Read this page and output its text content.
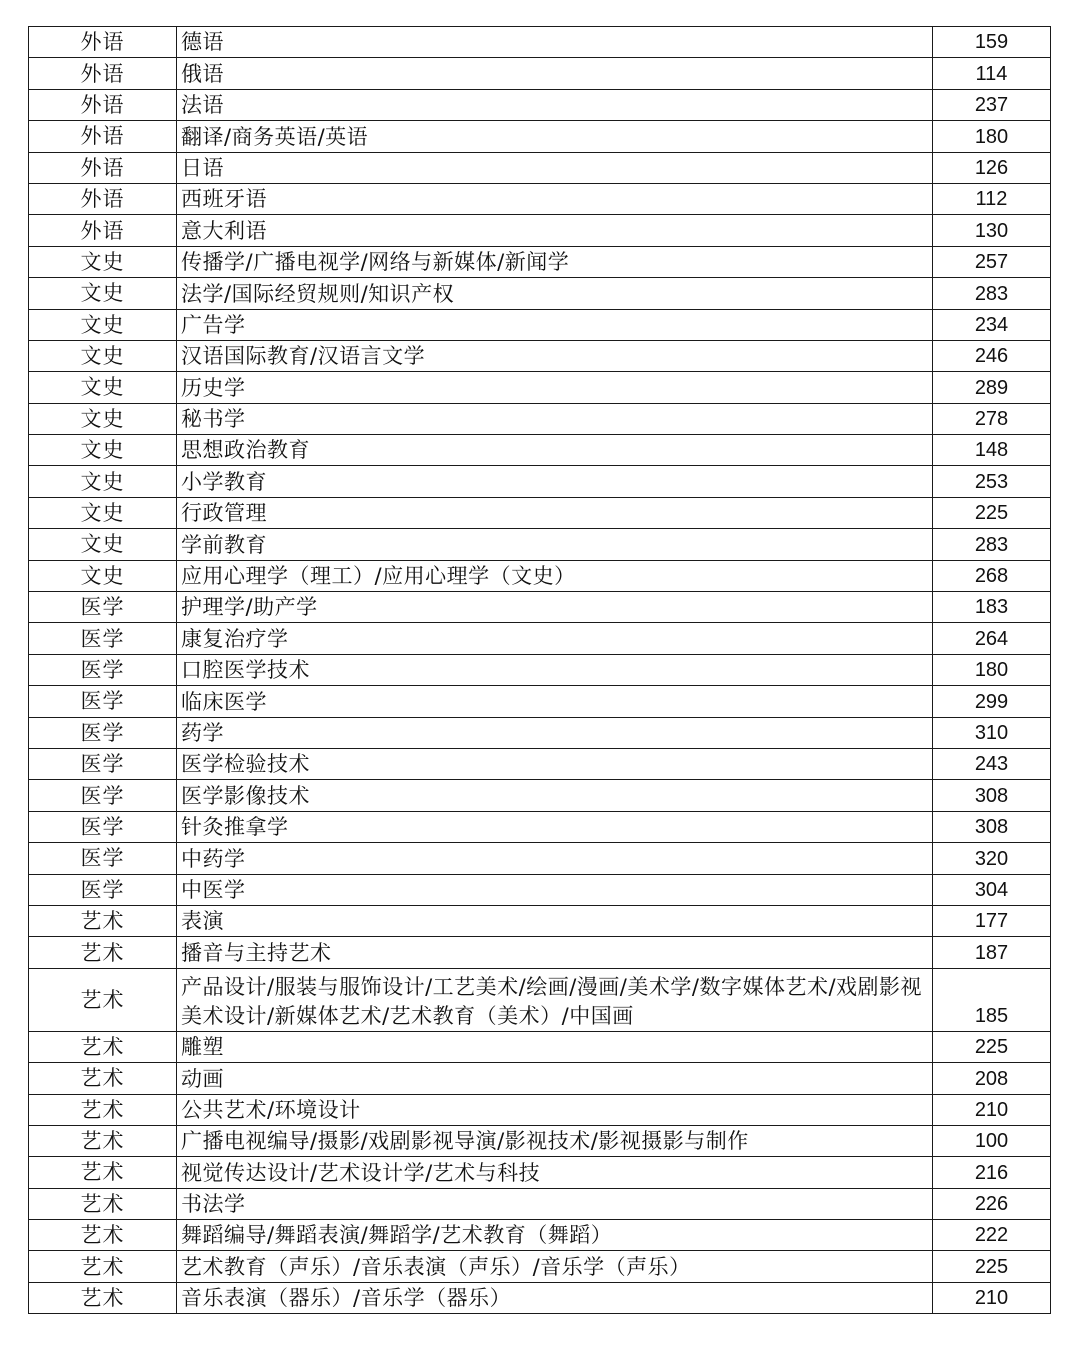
外语	德语	159
外语	俄语	114
外语	法语	237
外语	翻译/商务英语/英语	180
外语	日语	126
外语	西班牙语	112
外语	意大利语	130
文史	传播学/广播电视学/网络与新媒体/新闻学	257
文史	法学/国际经贸规则/知识产权	283
文史	广告学	234
文史	汉语国际教育/汉语言文学	246
文史	历史学	289
文史	秘书学	278
文史	思想政治教育	148
文史	小学教育	253
文史	行政管理	225
文史	学前教育	283
文史	应用心理学（理工）/应用心理学（文史）	268
医学	护理学/助产学	183
医学	康复治疗学	264
医学	口腔医学技术	180
医学	临床医学	299
医学	药学	310
医学	医学检验技术	243
医学	医学影像技术	308
医学	针灸推拿学	308
医学	中药学	320
医学	中医学	304
艺术	表演	177
艺术	播音与主持艺术	187
艺术	产品设计/服装与服饰设计/工艺美术/绘画/漫画/美术学/数字媒体艺术/戏剧影视美术设计/新媒体艺术/艺术教育（美术）/中国画	185
艺术	雕塑	225
艺术	动画	208
艺术	公共艺术/环境设计	210
艺术	广播电视编导/摄影/戏剧影视导演/影视技术/影视摄影与制作	100
艺术	视觉传达设计/艺术设计学/艺术与科技	216
艺术	书法学	226
艺术	舞蹈编导/舞蹈表演/舞蹈学/艺术教育（舞蹈）	222
艺术	艺术教育（声乐）/音乐表演（声乐）/音乐学（声乐）	225
艺术	音乐表演（器乐）/音乐学（器乐）	210
